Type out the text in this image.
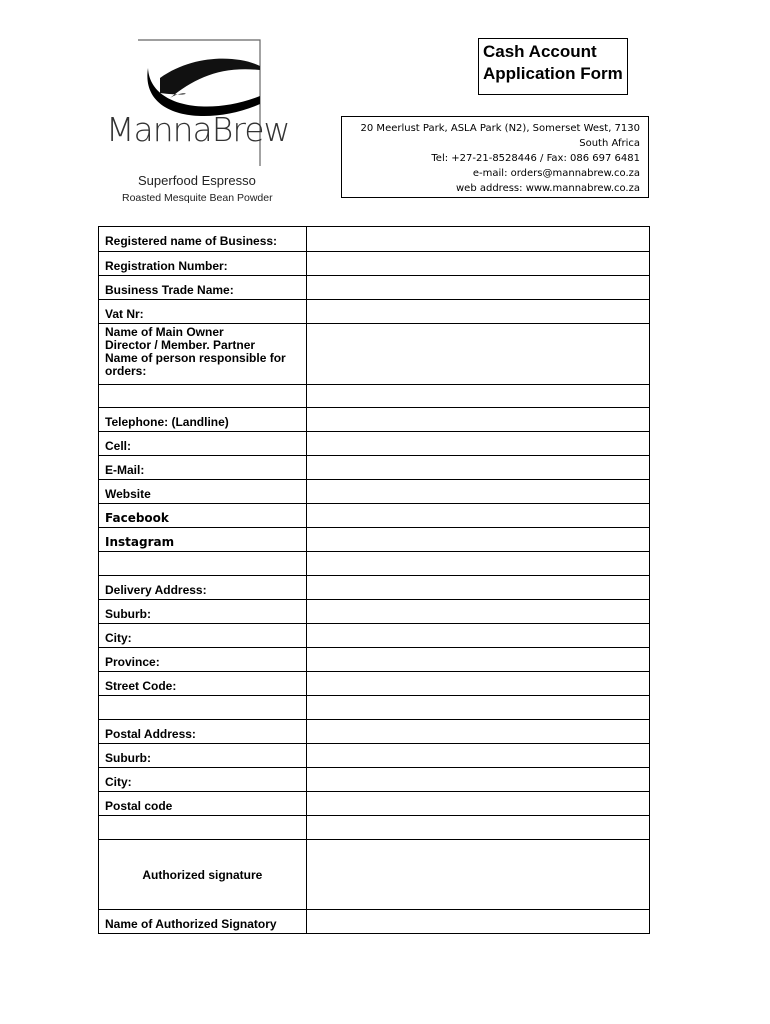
MannaBrew
Superfood Espresso
Roasted Mesquite Bean Powder
Cash Account
Application Form
20 Meerlust Park, ASLA Park (N2), Somerset West, 7130
South Africa
Tel: +27-21-8528446 / Fax: 086 697 6481
e-mail: orders@mannabrew.co.za
web address: www.mannabrew.co.za
Registered name of Business:	
Registration Number:	
Business Trade Name:	
Vat Nr:	

Name of Main Owner
Director / Member. Partner
Name of person responsible for
orders:	

Telephone: (Landline)	
Cell:	
E-Mail:	
Website	
Facebook	
Instagram	

Delivery Address:	
Suburb:	
City:	
Province:	
Street Code:	

Postal Address:	
Suburb:	
City:	
Postal code	

Authorized signature	
Name of Authorized Signatory	
